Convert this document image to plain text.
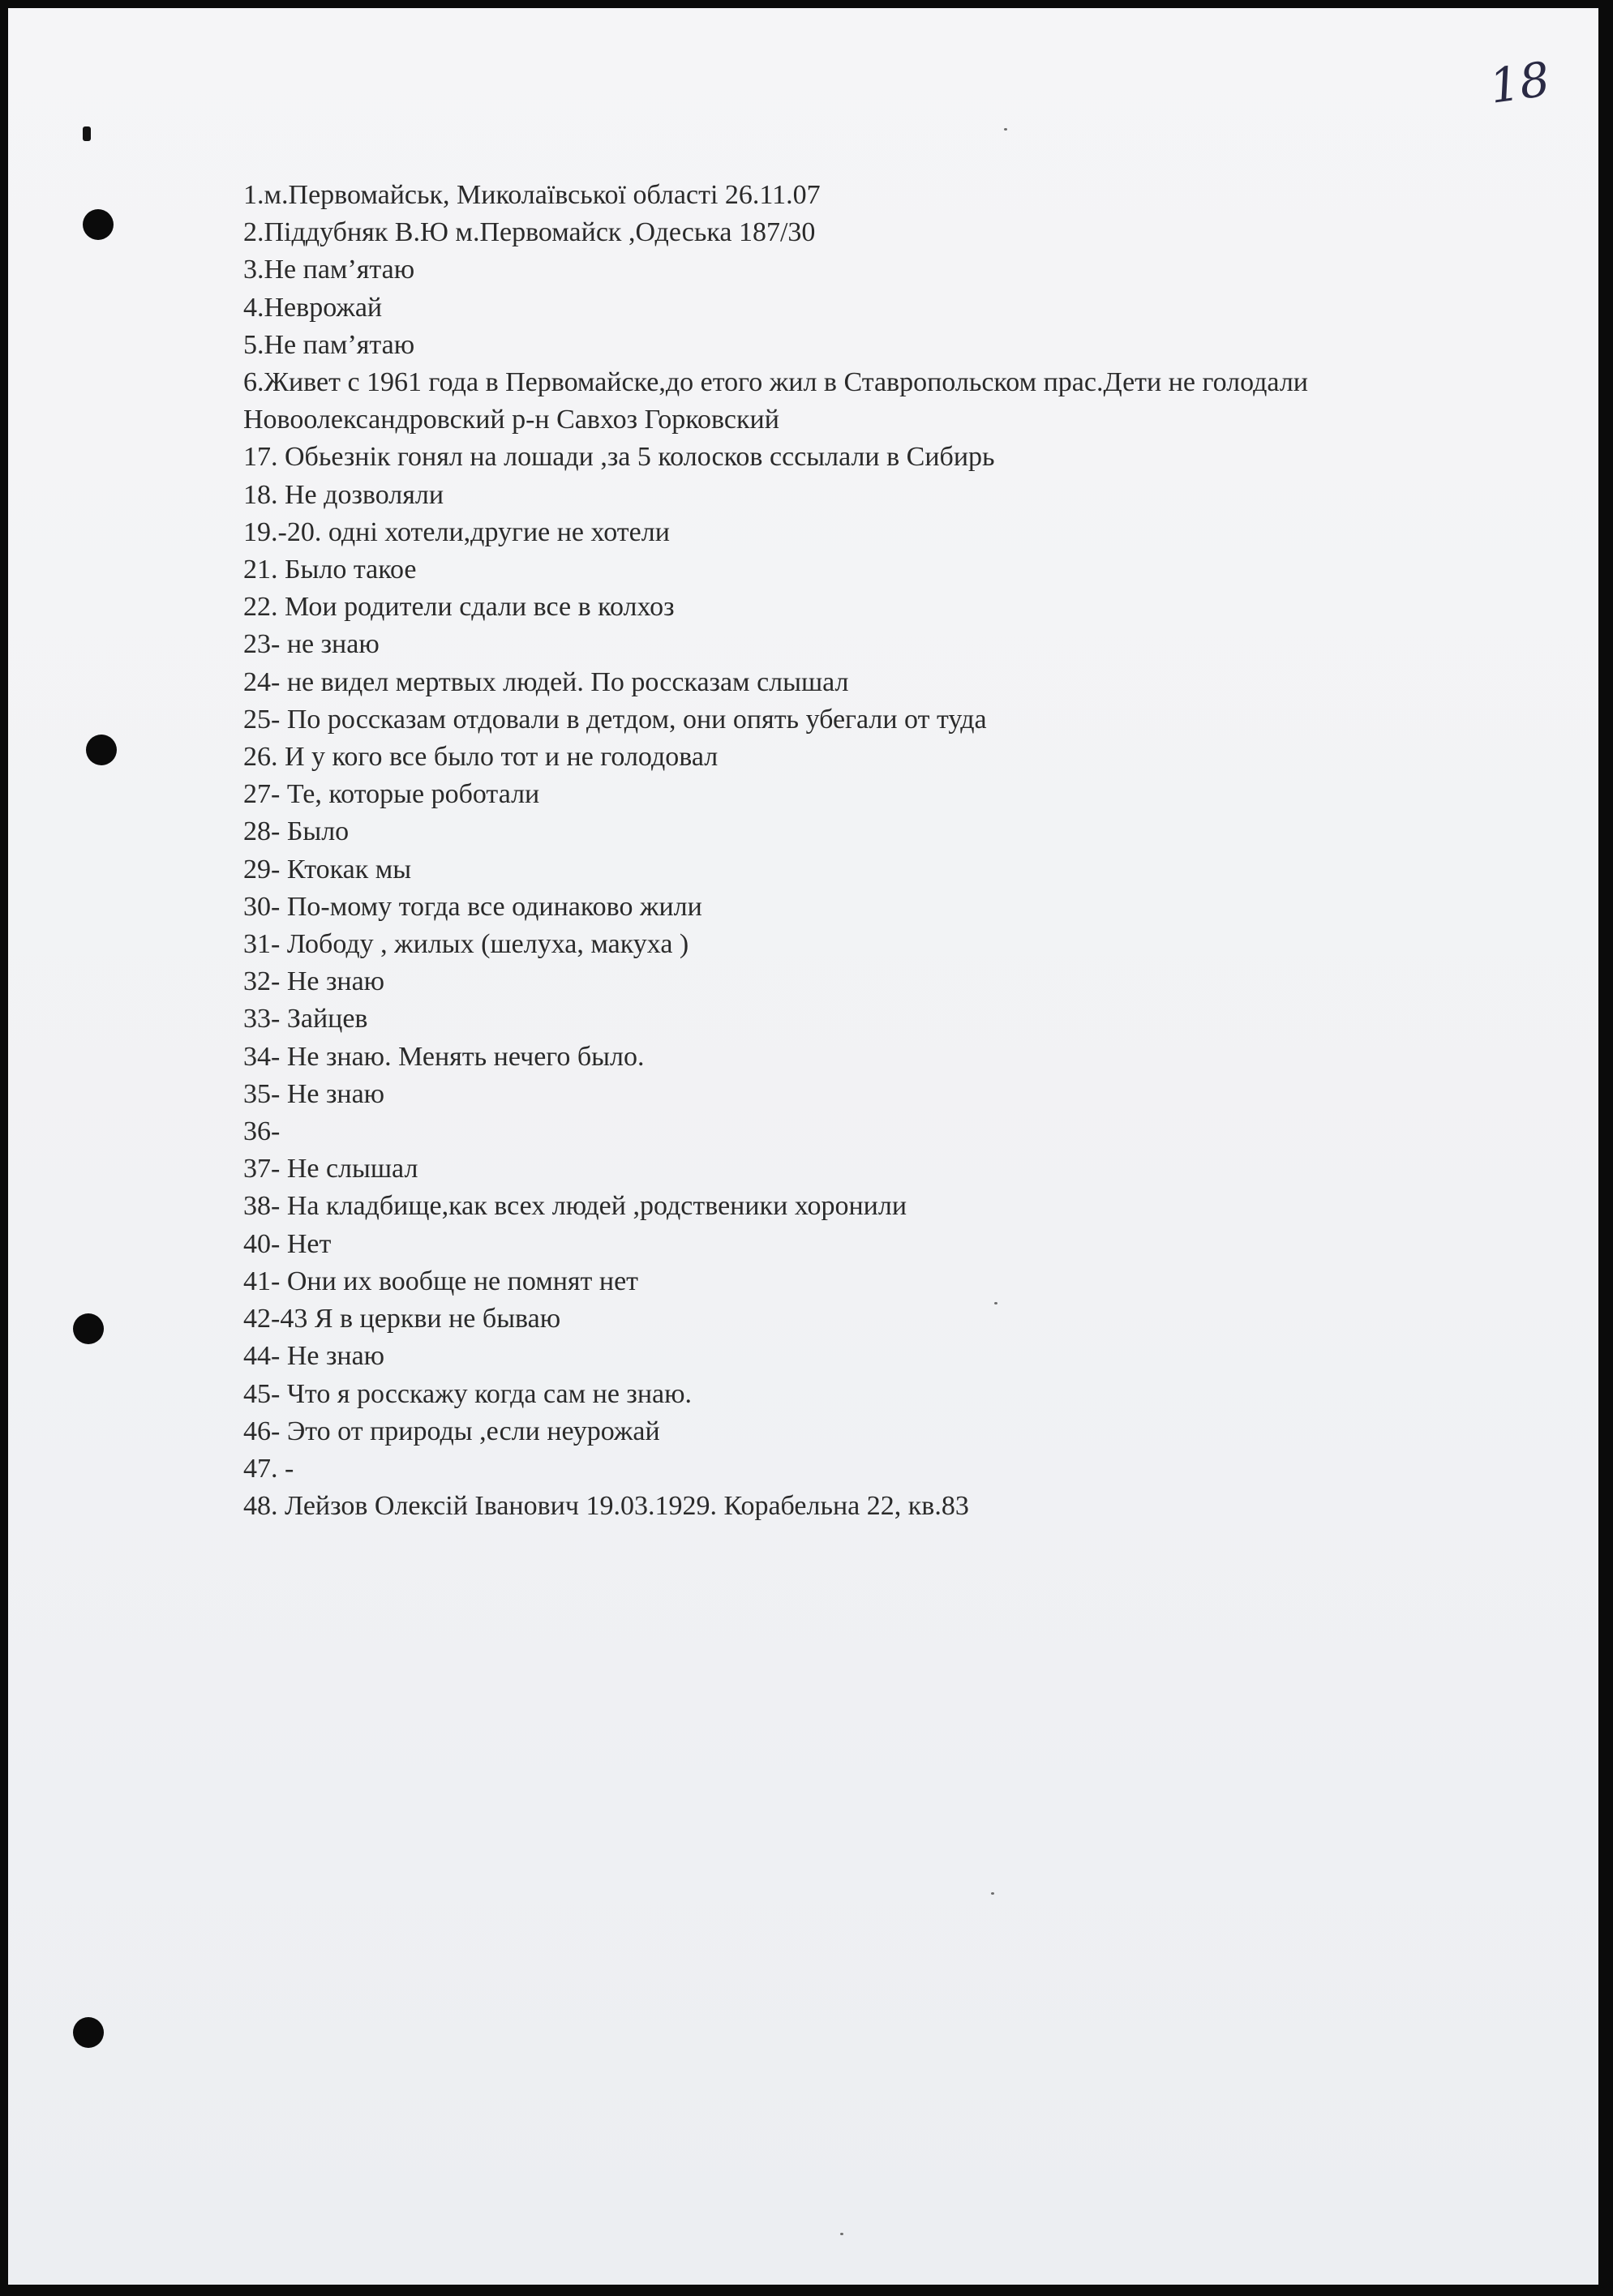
18
1.м.Первомайськ, Миколаївської області 26.11.07
2.Піддубняк В.Ю м.Первомайск ,Одеська 187/30
3.Не пам’ятаю
4.Неврожай
5.Не пам’ятаю
6.Живет с 1961 года в Первомайске,до етого жил в Ставропольском прас.Дети не голодали
Новоолександровский р-н Савхоз Горковский
17. Обьезнік гонял на лошади ,за 5 колосков сссылали в Сибирь
18. Не дозволяли
19.-20. одні хотели,другие не хотели
21. Было такое
22. Мои родители сдали все в колхоз
23- не знаю
24- не видел мертвых людей. По россказам слышал
25- По россказам отдовали в детдом, они опять убегали от туда
26. И у кого все было тот и не голодовал
27- Те, которые роботали
28- Было
29- Ктокак мы
30- По-мому тогда все одинаково жили
31- Лободу , жилых (шелуха, макуха )
32- Не знаю
33- Зайцев
34- Не знаю. Менять нечего было.
35- Не знаю
36-
37- Не слышал
38- На кладбище,как всех людей ,родственики хоронили
40- Нет
41- Они их вообще не помнят нет
42-43 Я в церкви не бываю
44- Не знаю
45- Что я росскажу когда сам не знаю.
46- Это от природы ,если неурожай
47. -
48. Лейзов Олексій Іванович 19.03.1929. Корабельна 22, кв.83
